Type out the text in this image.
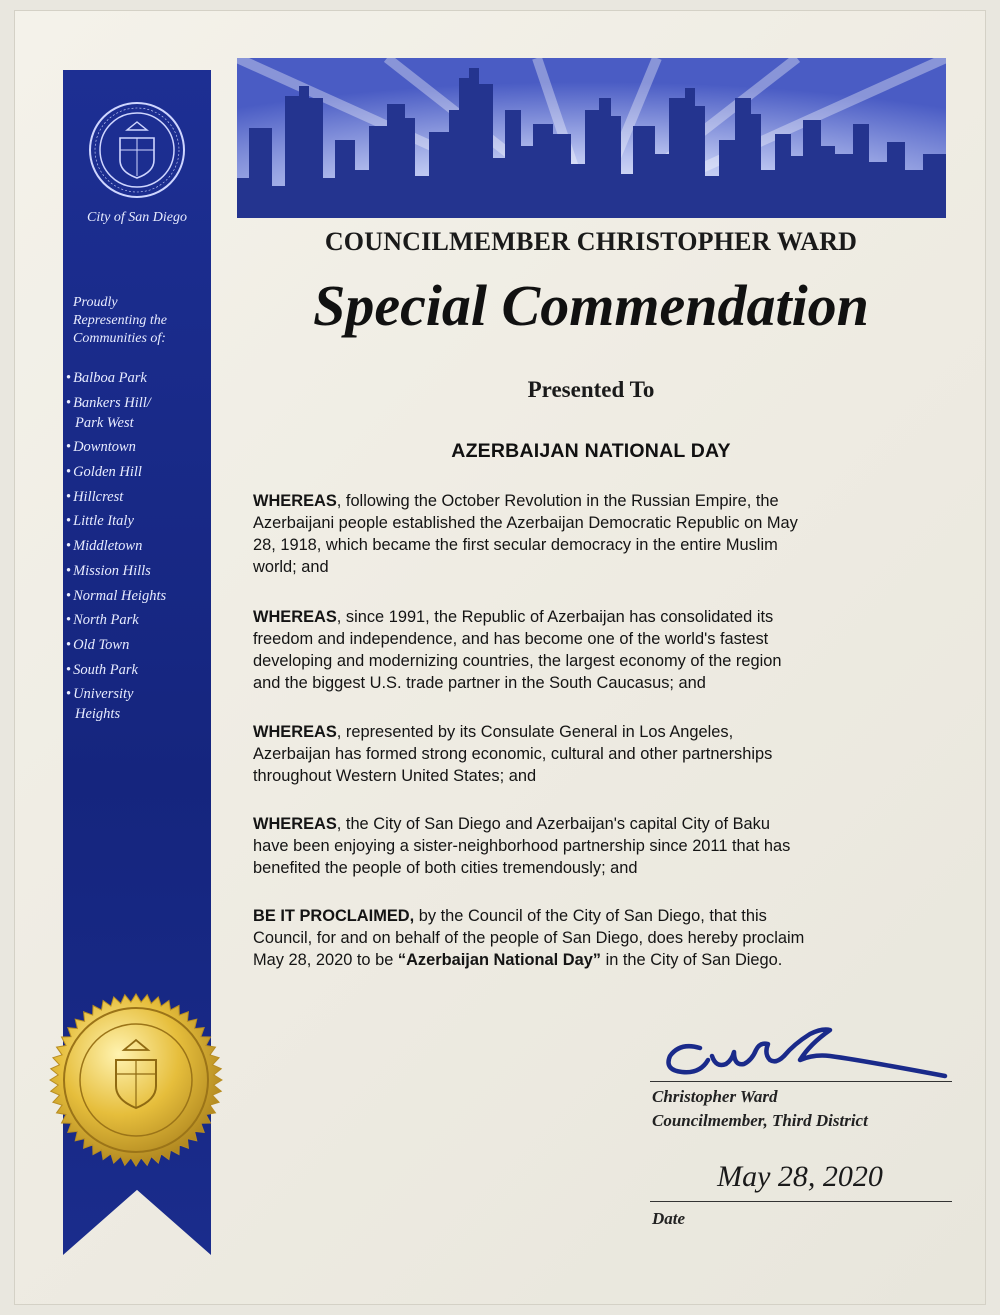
City of San Diego
Proudly
Representing the
Communities of:
• Balboa Park
• Bankers Hill/
Park West
• Downtown
• Golden Hill
• Hillcrest
• Little Italy
• Middletown
• Mission Hills
• Normal Heights
• North Park
• Old Town
• South Park
• University
Heights
COUNCILMEMBER CHRISTOPHER WARD
Special Commendation
Presented To
AZERBAIJAN NATIONAL DAY
WHEREAS, following the October Revolution in the Russian Empire, the
Azerbaijani people established the Azerbaijan Democratic Republic on May
28, 1918, which became the first secular democracy in the entire Muslim
world; and
WHEREAS, since 1991, the Republic of Azerbaijan has consolidated its
freedom and independence, and has become one of the world's fastest
developing and modernizing countries, the largest economy of the region
and the biggest U.S. trade partner in the South Caucasus; and
WHEREAS, represented by its Consulate General in Los Angeles,
Azerbaijan has formed strong economic, cultural and other partnerships
throughout Western United States; and
WHEREAS, the City of San Diego and Azerbaijan's capital City of Baku
have been enjoying a sister-neighborhood partnership since 2011 that has
benefited the people of both cities tremendously; and
BE IT PROCLAIMED, by the Council of the City of San Diego, that this
Council, for and on behalf of the people of San Diego, does hereby proclaim
May 28, 2020 to be “Azerbaijan National Day” in the City of San Diego.
Christopher Ward
Councilmember, Third District
May 28, 2020
Date
